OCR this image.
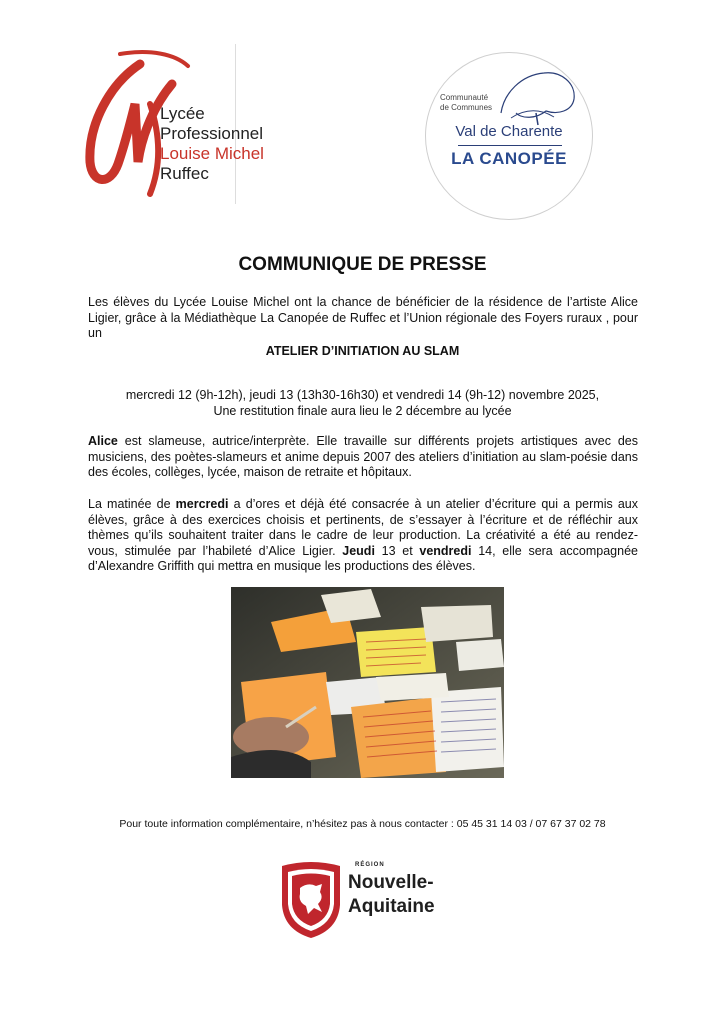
Lycée
Professionnel
Louise Michel
Ruffec
Communauté
de Communes
Val de Charente
LA CANOPÉE
COMMUNIQUE DE PRESSE
Les élèves du Lycée Louise Michel ont la chance de bénéficier de la résidence de l’artiste Alice Ligier, grâce à la Médiathèque La Canopée de Ruffec et l’Union régionale des Foyers ruraux , pour un
ATELIER D’INITIATION AU SLAM
mercredi 12 (9h-12h), jeudi 13 (13h30-16h30) et vendredi 14 (9h-12) novembre 2025,
Une restitution finale aura lieu le 2 décembre au lycée
Alice est slameuse, autrice/interprète. Elle travaille sur différents projets artistiques avec des musiciens, des poètes-slameurs et anime depuis 2007 des ateliers d’initiation au slam-poésie dans des écoles, collèges, lycée, maison de retraite et hôpitaux.
La matinée de mercredi a d’ores et déjà été consacrée à un atelier d’écriture qui a permis aux élèves, grâce à des exercices choisis et pertinents, de s’essayer à l’écriture et de réfléchir aux thèmes qu’ils souhaitent traiter dans le cadre de leur production. La créativité a été au rendez-vous, stimulée par l’habileté d’Alice Ligier. Jeudi 13 et vendredi 14, elle sera accompagnée d’Alexandre Griffith qui mettra en musique les productions des élèves.
Pour toute information complémentaire, n’hésitez pas à nous contacter : 05 45 31 14 03 / 07 67 37 02 78
RÉGION
Nouvelle-
Aquitaine
